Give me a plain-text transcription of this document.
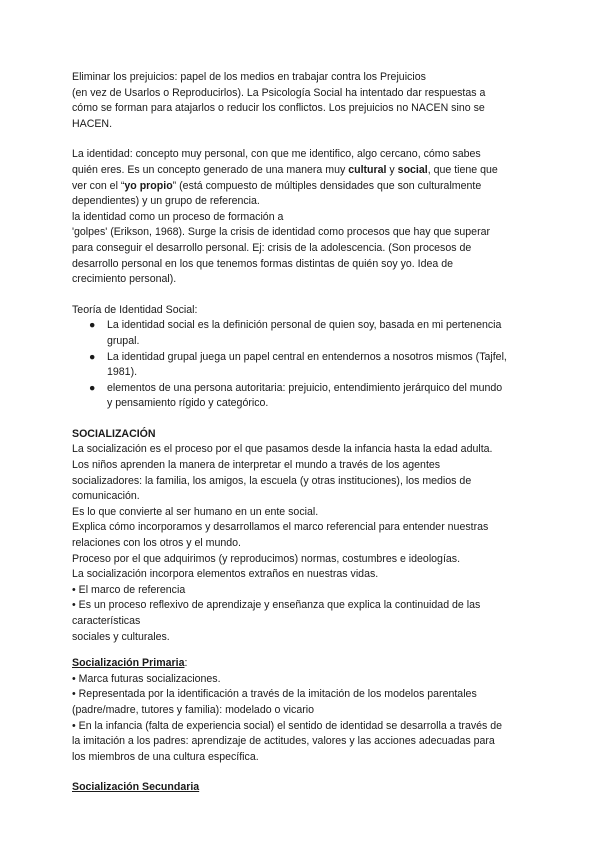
Eliminar los prejuicios: papel de los medios en trabajar contra los Prejuicios

(en vez de Usarlos o Reproducirlos). La Psicología Social ha intentado dar respuestas a

cómo se forman para atajarlos o reducir los conflictos. Los prejuicios no NACEN sino se

HACEN.

La identidad: concepto muy personal, con que me identifico, algo cercano, cómo sabes

quién eres. Es un concepto generado de una manera muy cultural y social, que tiene que

ver con el “yo propio” (está compuesto de múltiples densidades que son culturalmente

dependientes) y un grupo de referencia.

la identidad como un proceso de formación a

'golpes' (Erikson, 1968). Surge la crisis de identidad como procesos que hay que superar

para conseguir el desarrollo personal. Ej: crisis de la adolescencia. (Son procesos de

desarrollo personal en los que tenemos formas distintas de quién soy yo. Idea de

crecimiento personal).

Teoría de Identidad Social:

● La identidad social es la definición personal de quien soy, basada en mi pertenencia
grupal.
● La identidad grupal juega un papel central en entendernos a nosotros mismos (Tajfel,
1981).
● elementos de una persona autoritaria: prejuicio, entendimiento jerárquico del mundo
y pensamiento rígido y categórico.

SOCIALIZACIÓN

La socialización es el proceso por el que pasamos desde la infancia hasta la edad adulta.

Los niños aprenden la manera de interpretar el mundo a través de los agentes

socializadores: la familia, los amigos, la escuela (y otras instituciones), los medios de

comunicación.

Es lo que convierte al ser humano en un ente social.

Explica cómo incorporamos y desarrollamos el marco referencial para entender nuestras

relaciones con los otros y el mundo.

Proceso por el que adquirimos (y reproducimos) normas, costumbres e ideologías.

La socialización incorpora elementos extraños en nuestras vidas.

• El marco de referencia

• Es un proceso reflexivo de aprendizaje y enseñanza que explica la continuidad de las

características

sociales y culturales.

Socialización Primaria:

• Marca futuras socializaciones.

• Representada por la identificación a través de la imitación de los modelos parentales

(padre/madre, tutores y familia): modelado o vicario

• En la infancia (falta de experiencia social) el sentido de identidad se desarrolla a través de

la imitación a los padres: aprendizaje de actitudes, valores y las acciones adecuadas para

los miembros de una cultura específica.

Socialización Secundaria
